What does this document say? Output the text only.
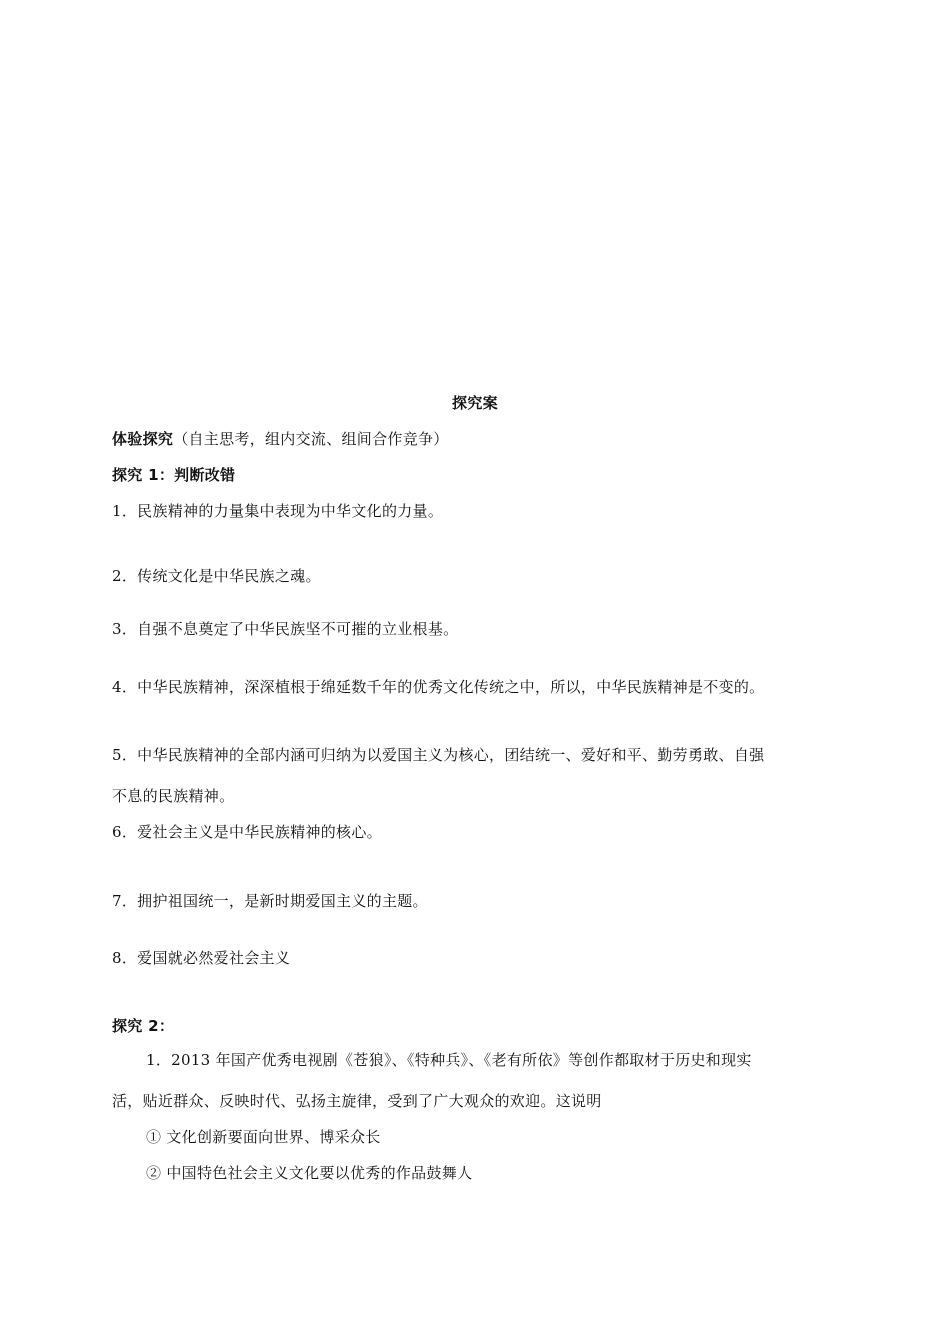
探究案
体验探究（自主思考，组内交流、组间合作竞争）
探究 1：判断改错
1．民族精神的力量集中表现为中华文化的力量。
2．传统文化是中华民族之魂。
3．自强不息奠定了中华民族坚不可摧的立业根基。
4．中华民族精神，深深植根于绵延数千年的优秀文化传统之中，所以，中华民族精神是不变的。
5．中华民族精神的全部内涵可归纳为以爱国主义为核心，团结统一、爱好和平、勤劳勇敢、自强
不息的民族精神。
6．爱社会主义是中华民族精神的核心。
7．拥护祖国统一，是新时期爱国主义的主题。
8．爱国就必然爱社会主义
探究 2：
1．2013 年国产优秀电视剧《苍狼》、《特种兵》、《老有所依》等创作都取材于历史和现实
活，贴近群众、反映时代、弘扬主旋律，受到了广大观众的欢迎。这说明
① 文化创新要面向世界、博采众长
② 中国特色社会主义文化要以优秀的作品鼓舞人
